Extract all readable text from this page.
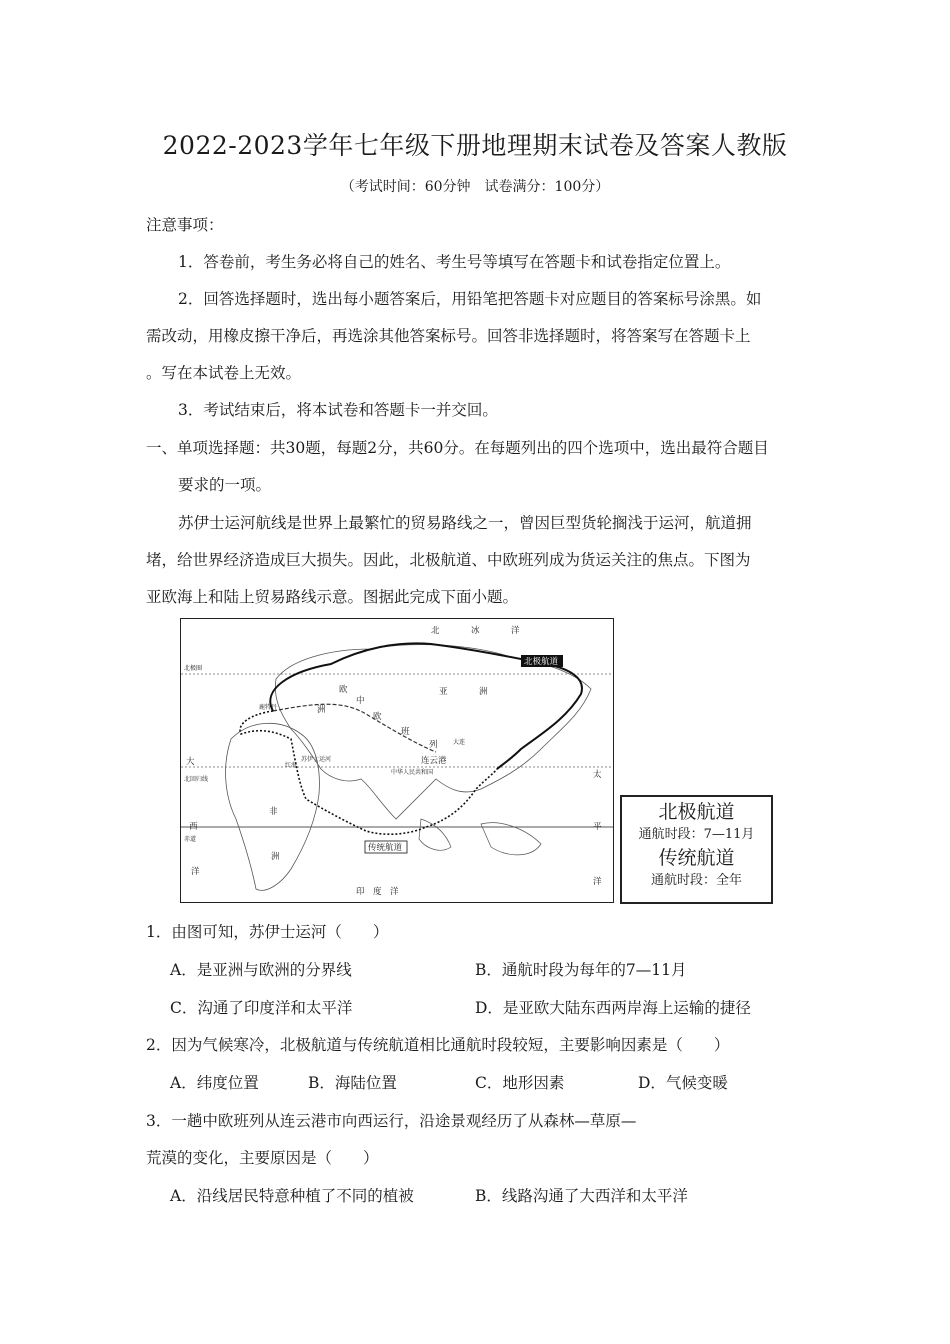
2022-2023学年七年级下册地理期末试卷及答案人教版
（考试时间：60分钟　试卷满分：100分）
注意事项：
1．答卷前，考生务必将自己的姓名、考生号等填写在答题卡和试卷指定位置上。
2．回答选择题时，选出每小题答案后，用铅笔把答题卡对应题目的答案标号涂黑。如
需改动，用橡皮擦干净后，再选涂其他答案标号。回答非选择题时，将答案写在答题卡上
。写在本试卷上无效。
3．考试结束后，将本试卷和答题卡一并交回。
一、单项选择题：共30题，每题2分，共60分。在每题列出的四个选项中，选出最符合题目
要求的一项。
苏伊士运河航线是世界上最繁忙的贸易路线之一，曾因巨型货轮搁浅于运河，航道拥
堵，给世界经济造成巨大损失。因此，北极航道、中欧班列成为货运关注的焦点。下图为
亚欧海上和陆上贸易路线示意。图据此完成下面小题。
北	冰	洋
北极圈
北极航道
欧
洲
鹿特丹
亚	洲
中
欧
班
列	大连
连云港
苏伊士运河
红海
北回归线
中华人民共和国
非
洲
大
西
洋
赤道
传统航道
印　度　洋
太
平
洋
北极航道
通航时段：7—11月
传统航道
通航时段：全年
1．由图可知，苏伊士运河（　　）
A．是亚洲与欧洲的分界线	B．通航时段为每年的7—11月
C．沟通了印度洋和太平洋	D．是亚欧大陆东西两岸海上运输的捷径
2．因为气候寒冷，北极航道与传统航道相比通航时段较短，主要影响因素是（　　）
A．纬度位置	B．海陆位置	C．地形因素	D．气候变暖
3．一趟中欧班列从连云港市向西运行，沿途景观经历了从森林—草原—
荒漠的变化，主要原因是（　　）
A．沿线居民特意种植了不同的植被	B．线路沟通了大西洋和太平洋
